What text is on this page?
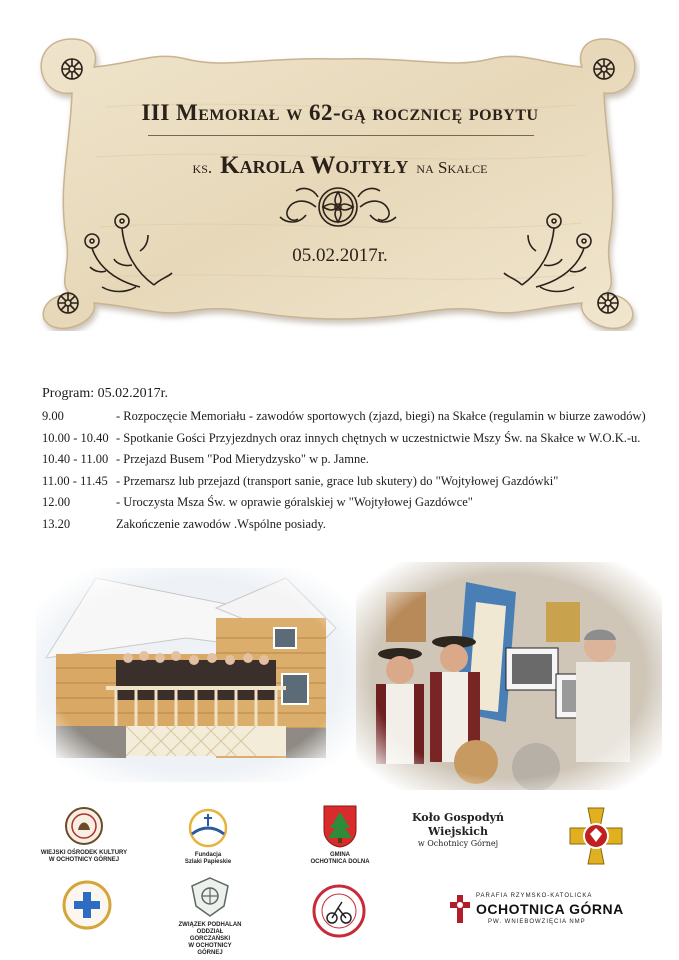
III Memoriał w 62-gą rocznicę pobytu
ks. Karola Wojtyły na Skałce
05.02.2017r.
Program: 05.02.2017r.
9.00	- Rozpoczęcie Memoriału - zawodów sportowych (zjazd, biegi) na Skałce (regulamin w biurze zawodów)
10.00 - 10.40 - Spotkanie Gości Przyjezdnych oraz innych chętnych w uczestnictwie Mszy Św. na Skałce w W.O.K.-u.
10.40 - 11.00 - Przejazd Busem "Pod Mierydzysko" w p. Jamne.
11.00 - 11.45 - Przemarsz lub przejazd (transport sanie, grace lub skutery) do "Wojtyłowej Gazdówki"
12.00	- Uroczysta Msza Św. w oprawie góralskiej w "Wojtyłowej Gazdówce"
13.20	Zakończenie zawodów .Wspólne posiady.
WIEJSKI OŚRODEK KULTURY
W OCHOTNICY GÓRNEJ
Fundacja
Szlaki Papieskie
GMINA
OCHOTNICA DOLNA
Koło Gospodyń
Wiejskich
w Ochotnicy Górnej
ZWIĄZEK PODHALAN
ODDZIAŁ GORCZAŃSKI
W OCHOTNICY GÓRNEJ
PARAFIA RZYMSKO-KATOLICKA
OCHOTNICA GÓRNA
PW. WNIEBOWZIĘCIA NMP
